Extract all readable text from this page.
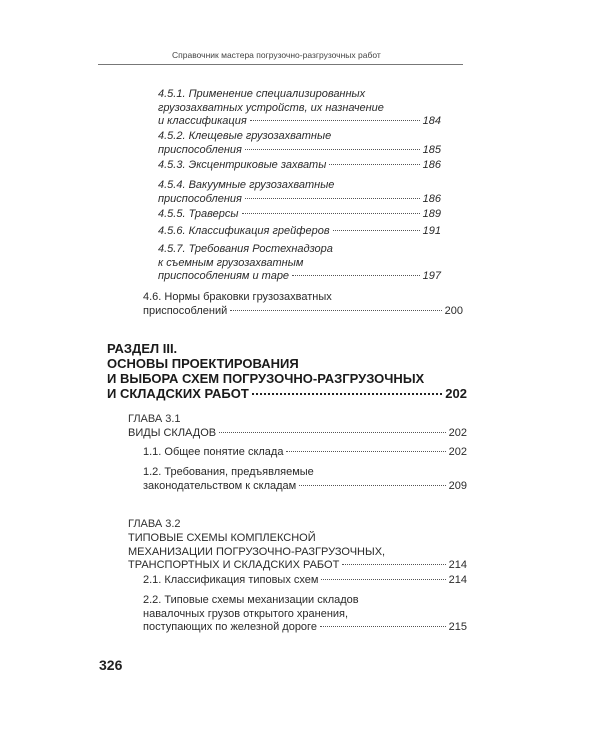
Справочник мастера погрузочно-разгрузочных работ
4.5.1. Применение специализированных
грузозахватных устройств, их назначение
и классификация	184
4.5.2. Клещевые грузозахватные
приспособления	185
4.5.3. Эксцентриковые захваты	186
4.5.4. Вакуумные грузозахватные
приспособления	186
4.5.5. Траверсы	189
4.5.6. Классификация грейферов	191
4.5.7. Требования Ростехнадзора
к съемным грузозахватным
приспособлениям и таре	197
4.6. Нормы браковки грузозахватных
приспособлений	200
РАЗДЕЛ III.
ОСНОВЫ ПРОЕКТИРОВАНИЯ
И ВЫБОРА СХЕМ ПОГРУЗОЧНО-РАЗГРУЗОЧНЫХ
И СКЛАДСКИХ РАБОТ	202
ГЛАВА 3.1
ВИДЫ СКЛАДОВ	202
1.1. Общее понятие склада	202
1.2. Требования, предъявляемые
законодательством к складам	209
ГЛАВА 3.2
ТИПОВЫЕ СХЕМЫ КОМПЛЕКСНОЙ
МЕХАНИЗАЦИИ ПОГРУЗОЧНО-РАЗГРУЗОЧНЫХ,
ТРАНСПОРТНЫХ И СКЛАДСКИХ РАБОТ	214
2.1. Классификация типовых схем	214
2.2. Типовые схемы механизации складов
навалочных грузов открытого хранения,
поступающих по железной дороге	215
326
